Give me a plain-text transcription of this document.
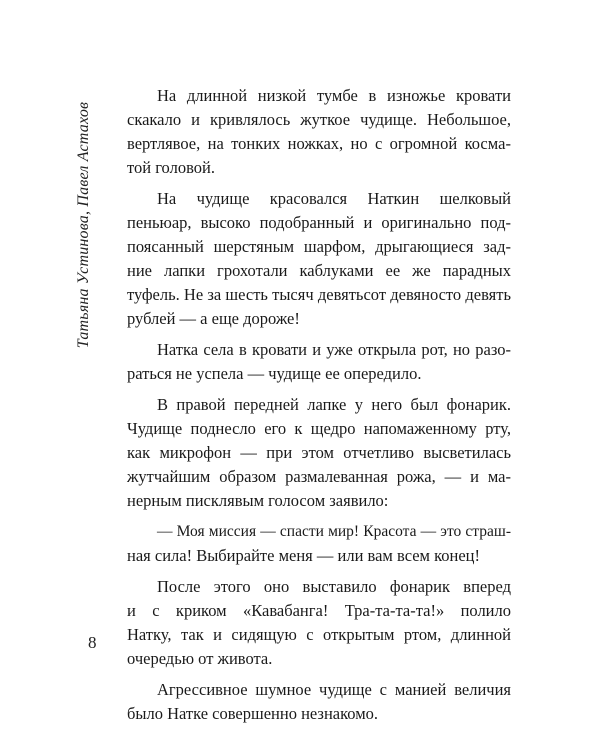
Татьяна Устинова, Павел Астахов
На длинной низкой тумбе в изножье кровати
скакало и кривлялось жуткое чудище. Небольшое,
вертлявое, на тонких ножках, но с огромной космa-
той головой.
На чудище красовался Наткин шелковый
пеньюар, высоко подобранный и оригинально под-
поясанный шерстяным шарфом, дрыгающиеся зад-
ние лапки грохотали каблуками ее же парадных
туфель. Не за шесть тысяч девятьсот девяносто девять
рублей — а еще дороже!
Натка села в кровати и уже открыла рот, но разо-
раться не успела — чудище ее опередило.
В правой передней лапке у него был фонарик.
Чудище поднесло его к щедро напомаженному рту,
как микрофон — при этом отчетливо высветилась
жутчайшим образом размалеванная рожа, — и ма-
нерным писклявым голосом заявило:
— Моя миссия — спасти мир! Красота — это страш-
ная сила! Выбирайте меня — или вам всем конец!
После этого оно выставило фонарик вперед
и с криком «Кавабанга! Тра-та-та-та!» полило
Натку, так и сидящую с открытым ртом, длинной
очередью от живота.
Агрессивное шумное чудище с манией величия
было Натке совершенно незнакомо.
8
